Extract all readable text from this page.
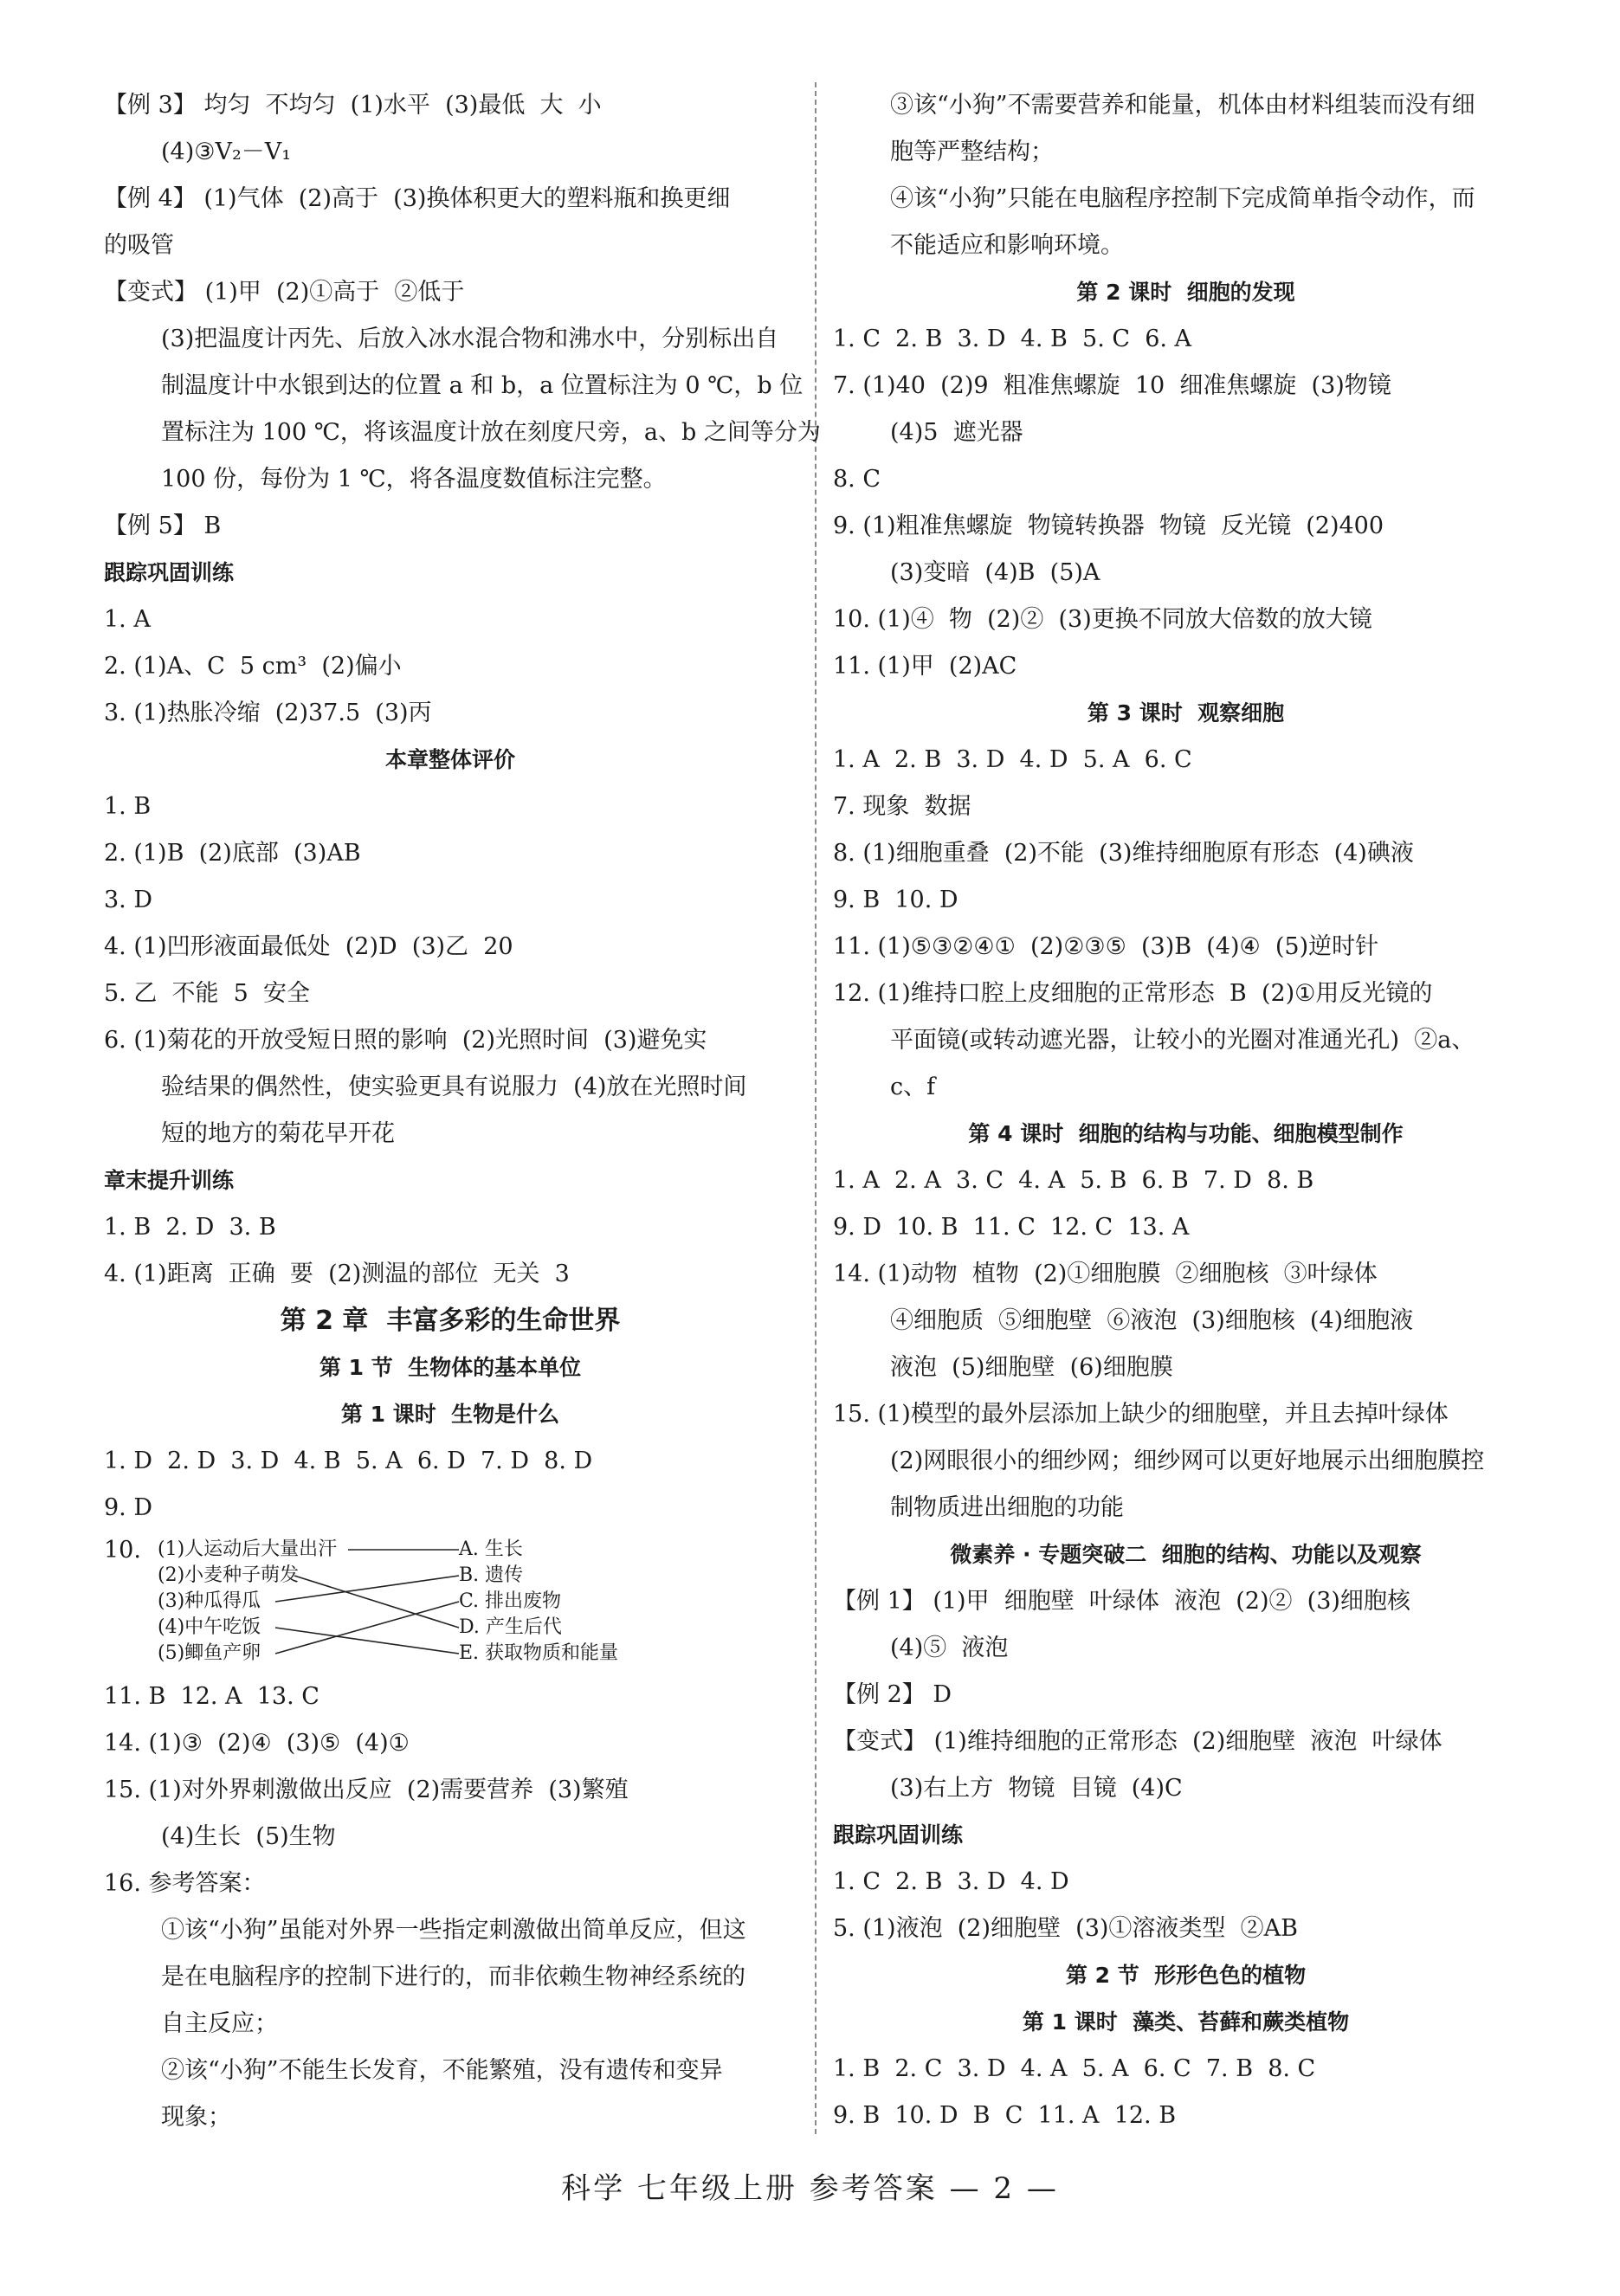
【例 3】 均匀  不均匀  (1)水平  (3)最低  大  小
(4)③V₂－V₁
【例 4】 (1)气体  (2)高于  (3)换体积更大的塑料瓶和换更细
的吸管
【变式】 (1)甲  (2)①高于  ②低于
(3)把温度计丙先、后放入冰水混合物和沸水中，分别标出自
制温度计中水银到达的位置 a 和 b，a 位置标注为 0 ℃，b 位
置标注为 100 ℃，将该温度计放在刻度尺旁，a、b 之间等分为
100 份，每份为 1 ℃，将各温度数值标注完整。
【例 5】 B
跟踪巩固训练
1. A
2. (1)A、C  5 cm³  (2)偏小
3. (1)热胀冷缩  (2)37.5  (3)丙
本章整体评价
1. B
2. (1)B  (2)底部  (3)AB
3. D
4. (1)凹形液面最低处  (2)D  (3)乙  20
5. 乙  不能  5  安全
6. (1)菊花的开放受短日照的影响  (2)光照时间  (3)避免实
验结果的偶然性，使实验更具有说服力  (4)放在光照时间
短的地方的菊花早开花
章末提升训练
1. B  2. D  3. B
4. (1)距离  正确  要  (2)测温的部位  无关  3
第 2 章  丰富多彩的生命世界
第 1 节  生物体的基本单位
第 1 课时  生物是什么
1. D  2. D  3. D  4. B  5. A  6. D  7. D  8. D
9. D
10. (1)人运动后大量出汗
(2)小麦种子萌发
(3)种瓜得瓜
(4)中午吃饭
(5)鲫鱼产卵
A. 生长
B. 遗传
C. 排出废物
D. 产生后代
E. 获取物质和能量
11. B  12. A  13. C
14. (1)③  (2)④  (3)⑤  (4)①
15. (1)对外界刺激做出反应  (2)需要营养  (3)繁殖
(4)生长  (5)生物
16. 参考答案：
①该“小狗”虽能对外界一些指定刺激做出简单反应，但这
是在电脑程序的控制下进行的，而非依赖生物神经系统的
自主反应；
②该“小狗”不能生长发育，不能繁殖，没有遗传和变异
现象；
③该“小狗”不需要营养和能量，机体由材料组装而没有细
胞等严整结构；
④该“小狗”只能在电脑程序控制下完成简单指令动作，而
不能适应和影响环境。
第 2 课时  细胞的发现
1. C  2. B  3. D  4. B  5. C  6. A
7. (1)40  (2)9  粗准焦螺旋  10  细准焦螺旋  (3)物镜
(4)5  遮光器
8. C
9. (1)粗准焦螺旋  物镜转换器  物镜  反光镜  (2)400
(3)变暗  (4)B  (5)A
10. (1)④  物  (2)②  (3)更换不同放大倍数的放大镜
11. (1)甲  (2)AC
第 3 课时  观察细胞
1. A  2. B  3. D  4. D  5. A  6. C
7. 现象  数据
8. (1)细胞重叠  (2)不能  (3)维持细胞原有形态  (4)碘液
9. B  10. D
11. (1)⑤③②④①  (2)②③⑤  (3)B  (4)④  (5)逆时针
12. (1)维持口腔上皮细胞的正常形态  B  (2)①用反光镜的
平面镜(或转动遮光器，让较小的光圈对准通光孔)  ②a、
c、f
第 4 课时  细胞的结构与功能、细胞模型制作
1. A  2. A  3. C  4. A  5. B  6. B  7. D  8. B
9. D  10. B  11. C  12. C  13. A
14. (1)动物  植物  (2)①细胞膜  ②细胞核  ③叶绿体
④细胞质  ⑤细胞壁  ⑥液泡  (3)细胞核  (4)细胞液
液泡  (5)细胞壁  (6)细胞膜
15. (1)模型的最外层添加上缺少的细胞壁，并且去掉叶绿体
(2)网眼很小的细纱网；细纱网可以更好地展示出细胞膜控
制物质进出细胞的功能
微素养 · 专题突破二  细胞的结构、功能以及观察
【例 1】 (1)甲  细胞壁  叶绿体  液泡  (2)②  (3)细胞核
(4)⑤  液泡
【例 2】 D
【变式】 (1)维持细胞的正常形态  (2)细胞壁  液泡  叶绿体
(3)右上方  物镜  目镜  (4)C
跟踪巩固训练
1. C  2. B  3. D  4. D
5. (1)液泡  (2)细胞壁  (3)①溶液类型  ②AB
第 2 节  形形色色的植物
第 1 课时  藻类、苔藓和蕨类植物
1. B  2. C  3. D  4. A  5. A  6. C  7. B  8. C
9. B  10. D  B  C  11. A  12. B
科学 七年级上册 参考答案 — 2 —
